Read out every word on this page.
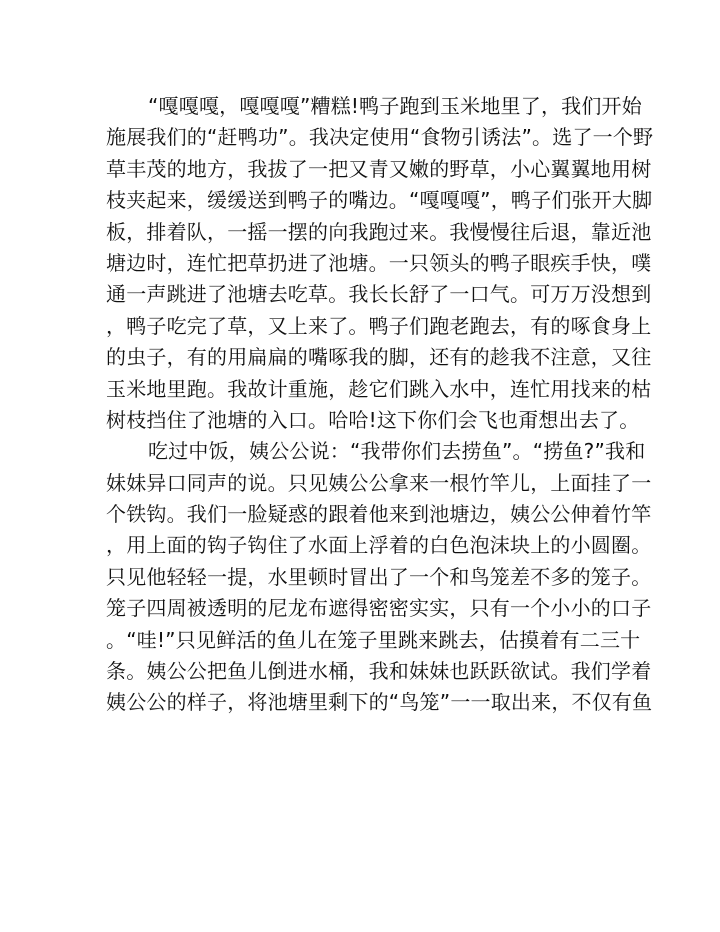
“嘎嘎嘎，嘎嘎嘎”糟糕!鸭子跑到玉米地里了，我们开始
施展我们的“赶鸭功”。我决定使用“食物引诱法”。选了一个野
草丰茂的地方，我拔了一把又青又嫩的野草，小心翼翼地用树
枝夹起来，缓缓送到鸭子的嘴边。“嘎嘎嘎”，鸭子们张开大脚
板，排着队，一摇一摆的向我跑过来。我慢慢往后退，靠近池
塘边时，连忙把草扔进了池塘。一只领头的鸭子眼疾手快，噗
通一声跳进了池塘去吃草。我长长舒了一口气。可万万没想到
，鸭子吃完了草，又上来了。鸭子们跑老跑去，有的啄食身上
的虫子，有的用扁扁的嘴啄我的脚，还有的趁我不注意，又往
玉米地里跑。我故计重施，趁它们跳入水中，连忙用找来的枯
树枝挡住了池塘的入口。哈哈!这下你们会飞也甭想出去了。
吃过中饭，姨公公说：“我带你们去捞鱼”。“捞鱼?”我和
妹妹异口同声的说。只见姨公公拿来一根竹竿儿，上面挂了一
个铁钩。我们一脸疑惑的跟着他来到池塘边，姨公公伸着竹竿
，用上面的钩子钩住了水面上浮着的白色泡沫块上的小圆圈。
只见他轻轻一提，水里顿时冒出了一个和鸟笼差不多的笼子。
笼子四周被透明的尼龙布遮得密密实实，只有一个小小的口子
。“哇!”只见鲜活的鱼儿在笼子里跳来跳去，估摸着有二三十
条。姨公公把鱼儿倒进水桶，我和妹妹也跃跃欲试。我们学着
姨公公的样子，将池塘里剩下的“鸟笼”一一取出来，不仅有鱼
